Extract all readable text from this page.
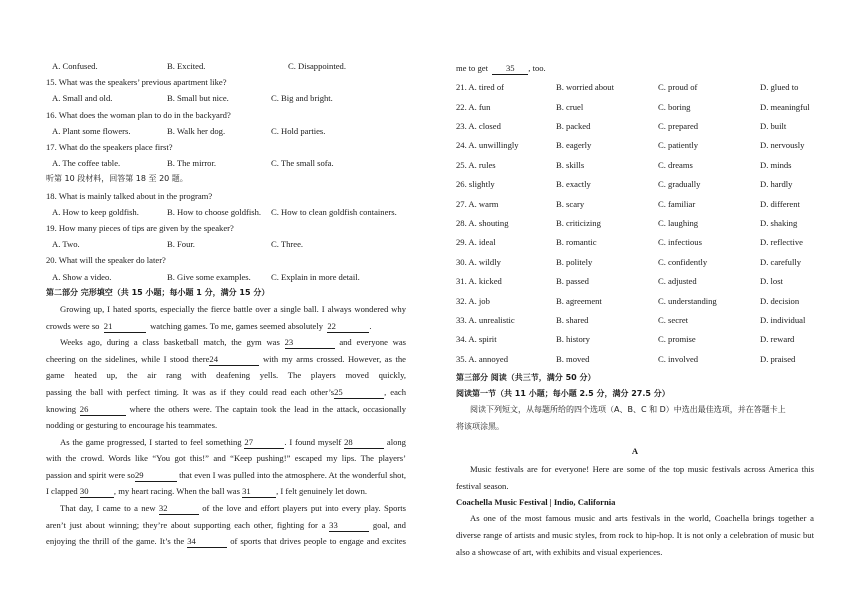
A. Confused.	B. Excited.	C. Disappointed.
15. What was the speakers’ previous apartment like?
A. Small and old.	B. Small but nice.	C. Big and bright.
16. What does the woman plan to do in the backyard?
A. Plant some flowers.	B. Walk her dog.	C. Hold parties.
17. What do the speakers place first?
A. The coffee table.	B. The mirror.	C. The small sofa.
听第 10 段材料，回答第 18 至 20 题。
18. What is mainly talked about in the program?
A. How to keep goldfish.	B. How to choose goldfish. C. How to clean goldfish containers.
19. How many pieces of tips are given by the speaker?
A. Two.	B. Four.	C. Three.
20. What will the speaker do later?
A. Show a video.	B. Give some examples. C. Explain in more detail.
第二部分 完形填空（共 15 小题；每小题 1 分，满分 15 分）
Growing up, I hated sports, especially the fierce battle over a single ball. I always wondered why
crowds were so 21	watching games. To me, games seemed absolutely 22	.
Weeks ago, during a class basketball match, the gym was 23	and everyone was
cheering on the sidelines, while I stood there24	with my arms crossed. However, as the
game heated up, the air rang with deafening yells. The players moved quickly,
passing the ball with perfect timing. It was as if they could read each other’s25	, each
knowing 26	where the others were. The captain took the lead in the attack, occasionally
nodding or gesturing to encourage his teammates.
As the game progressed, I started to feel something 27	. I found myself 28	along
with the crowd. Words like “You got this!” and “Keep pushing!” escaped my lips. The players’
passion and spirit were so29	that even I was pulled into the atmosphere. At the wonderful shot,
I clapped 30	, my heart racing. When the ball was 31	, I felt genuinely let down.
That day, I came to a new 32	of the love and effort players put into every play. Sports
aren’t just about winning; they’re about supporting each other, fighting for a 33	goal, and
enjoying the thrill of the game. It’s the 34	of sports that drives people to engage and excites
me to get 35 , too.
21. A. tired of	B. worried about	C. proud of	D. glued to
22. A. fun	B. cruel	C. boring	D. meaningful
23. A. closed	B. packed	C. prepared	D. built
24. A. unwillingly	B. eagerly	C. patiently	D. nervously
25. A. rules	B. skills	C. dreams	D. minds
26. slightly	B. exactly	C. gradually	D. hardly
27. A. warm	B. scary	C. familiar	D. different
28. A. shouting	B. criticizing	C. laughing	D. shaking
29. A. ideal	B. romantic	C. infectious	D. reflective
30. A. wildly	B. politely	C. confidently	D. carefully
31. A. kicked	B. passed	C. adjusted	D. lost
32. A. job	B. agreement	C. understanding	D. decision
33. A. unrealistic	B. shared	C. secret	D. individual
34. A. spirit	B. history	C. promise	D. reward
35. A. annoyed	B. moved	C. involved	D. praised
第三部分 阅读（共三节，满分 50 分）
阅读第一节（共 11 小题；每小题 2.5 分，满分 27.5 分）
阅读下列短文，从每题所给的四个选项（A、B、C 和 D）中选出最佳选项，并在答题卡上
将该项涂黑。
A
Music festivals are for everyone! Here are some of the top music festivals across America this
festival season.
Coachella Music Festival | Indio, California
As one of the most famous music and arts festivals in the world, Coachella brings together a
diverse range of artists and music styles, from rock to hip-hop. It is not only a celebration of music but
also a showcase of art, with exhibits and visual experiences.
